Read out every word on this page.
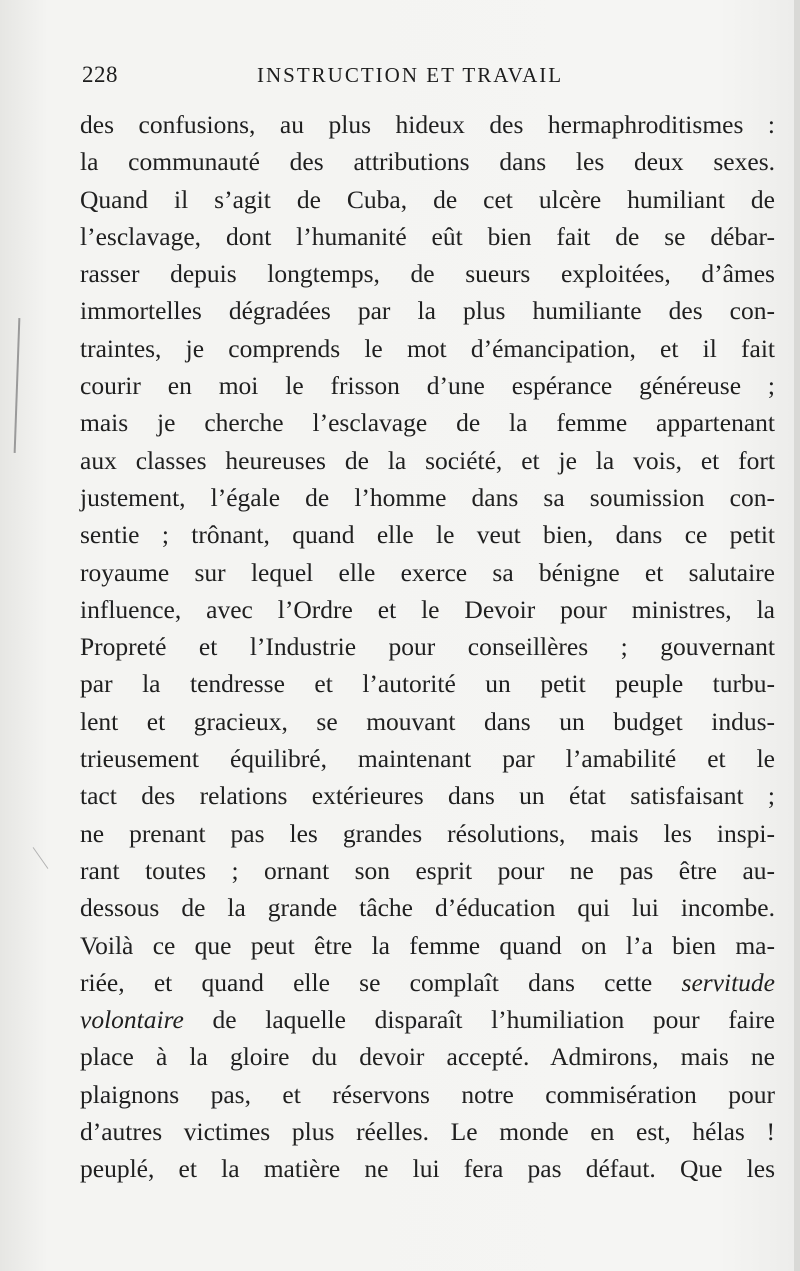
228	INSTRUCTION ET TRAVAIL
des confusions, au plus hideux des hermaphroditismes :
la communauté des attributions dans les deux sexes.
Quand il s’agit de Cuba, de cet ulcère humiliant de
l’esclavage, dont l’humanité eût bien fait de se débar-
rasser depuis longtemps, de sueurs exploitées, d’âmes
immortelles dégradées par la plus humiliante des con-
traintes, je comprends le mot d’émancipation, et il fait
courir en moi le frisson d’une espérance généreuse ;
mais je cherche l’esclavage de la femme appartenant
aux classes heureuses de la société, et je la vois, et fort
justement, l’égale de l’homme dans sa soumission con-
sentie ; trônant, quand elle le veut bien, dans ce petit
royaume sur lequel elle exerce sa bénigne et salutaire
influence, avec l’Ordre et le Devoir pour ministres, la
Propreté et l’Industrie pour conseillères ; gouvernant
par la tendresse et l’autorité un petit peuple turbu-
lent et gracieux, se mouvant dans un budget indus-
trieusement équilibré, maintenant par l’amabilité et le
tact des relations extérieures dans un état satisfaisant ;
ne prenant pas les grandes résolutions, mais les inspi-
rant toutes ; ornant son esprit pour ne pas être au-
dessous de la grande tâche d’éducation qui lui incombe.
Voilà ce que peut être la femme quand on l’a bien ma-
riée, et quand elle se complaît dans cette servitude
volontaire de laquelle disparaît l’humiliation pour faire
place à la gloire du devoir accepté. Admirons, mais ne
plaignons pas, et réservons notre commisération pour
d’autres victimes plus réelles. Le monde en est, hélas !
peuplé, et la matière ne lui fera pas défaut. Que les
